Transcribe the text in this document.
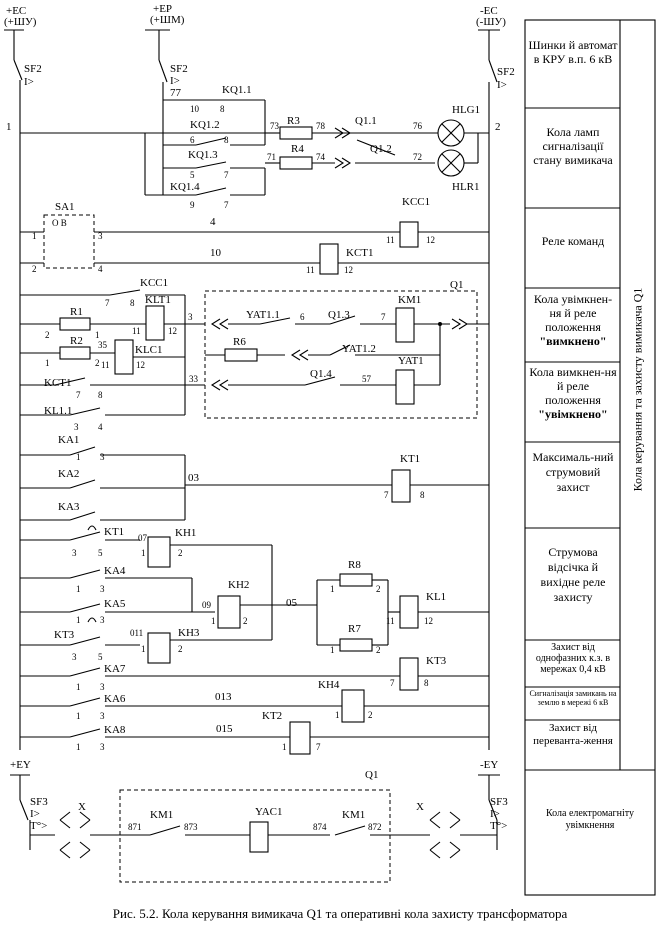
+EC
(+ШУ)
+EP
(+ШМ)
-EC
(-ШУ)
SF2
I>
SF2
I>
77
SF2
I>
1	2
KQ1.1
10 8
KQ1.2
6	8
73 R3 78	Q1.1	76
KQ1.3
5	7
71
R4
74
Q1.2
72
KQ1.4
9	7
HLG1
HLR1
SA1
O В
1	3
2	4
4
10
KCC1
11	12
KCT1
11	12
KCC1
7 8
Q1
R1
2	1
KLT1
11	12
3	YAT1.1 6 Q1.3	7
KM1
R2
1	2
35	KLC1
11	12
R6
YAT1.2
KCT1
7 8
33	Q1.4	57
YAT1
KL1.1
3 4
KA1
KA2
KA3
1 3
03
KT1
7	8
KT1
3 5
07	KH1
1	2
KA4
1 3
KA5
1 3
09
KH2
1	2
05
KT3
3 5
011	KH3
1	2
R8
1	2
R7
1	2
KL1
11	12
KA7
1 3
KT3
7	8
KA6
1 3
013
KH4
1	2
KA8
1 3
015
KT2
1	7
+EY	-EY
SF3
I>
T°>
SF3
I>
T°>
Q1
X	X
871
KM1
873
YAC1
874
KM1
872
Шинки й автомат в КРУ в.п. 6 кВ
Кола ламп сигналізації стану вимикача
Реле команд
Кола увімкнен-ня й реле положення
"вимкнено"
Кола вимкнен-ня й реле положення
"увімкнено"
Максималь-ний струмовий захист
Струмова відсічка й вихідне реле захисту
Захист від однофазних к.з. в мережах 0,4 кВ
Сигналізація замикань на землю в мережі 6 кВ
Захист від переванта-ження
Кола електромагніту увімкнення
Кола керування та захисту вимикача Q1
Рис. 5.2. Кола керування вимикача Q1 та оперативні кола захисту трансформатора
